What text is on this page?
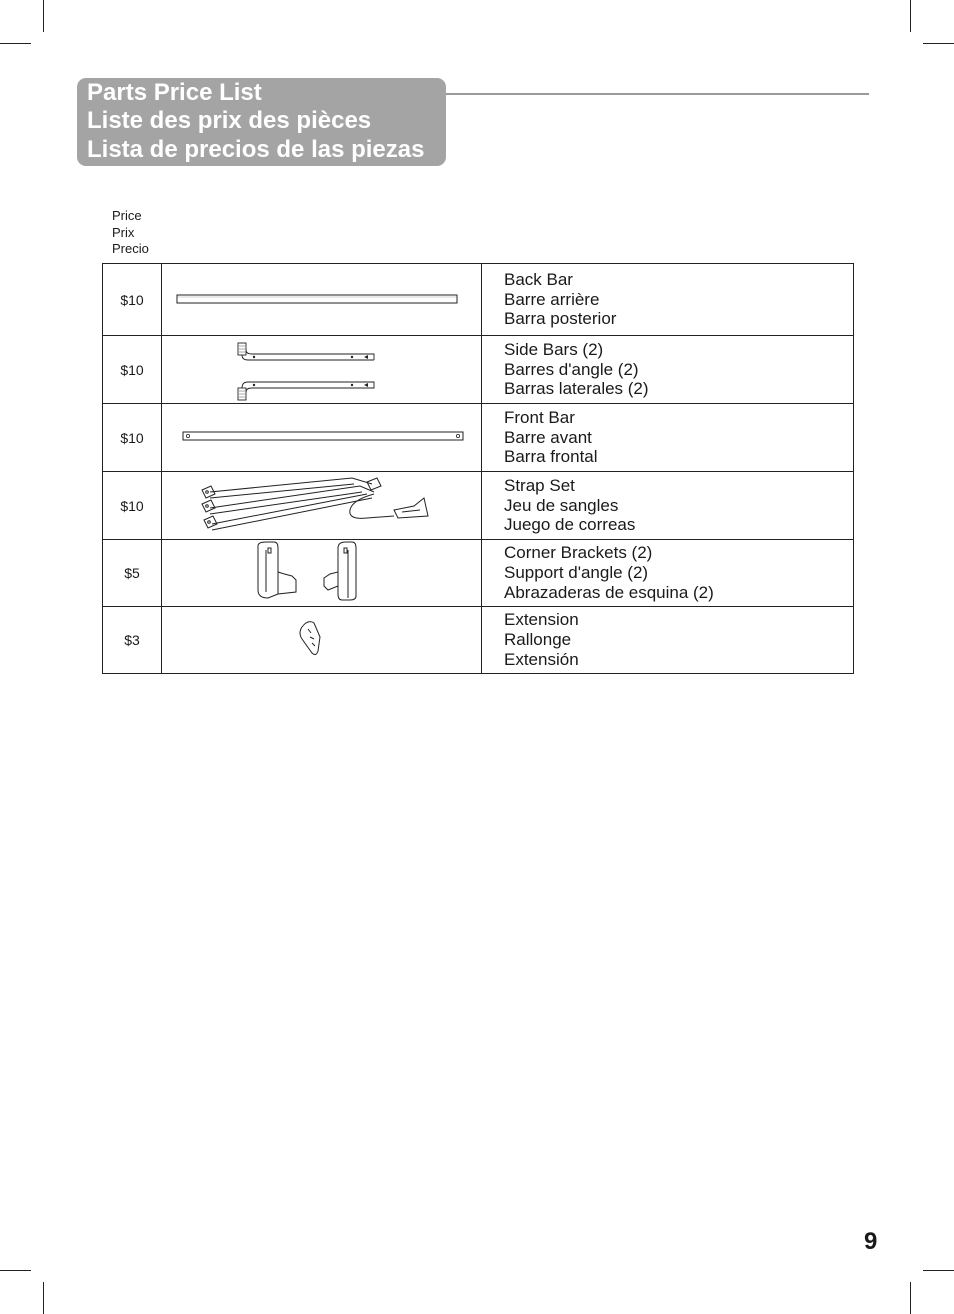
Parts Price List
Liste des prix des pièces
Lista de precios de las piezas
Price
Prix
Precio
$10
Back Bar
Barre arrière
Barra posterior
$10
Side Bars (2)
Barres d'angle (2)
Barras laterales (2)
$10
Front Bar
Barre avant
Barra frontal
$10
Strap Set
Jeu de sangles
Juego de correas
$5
Corner Brackets (2)
Support d'angle (2)
Abrazaderas de esquina (2)
$3
Extension
Rallonge
Extensión
9
